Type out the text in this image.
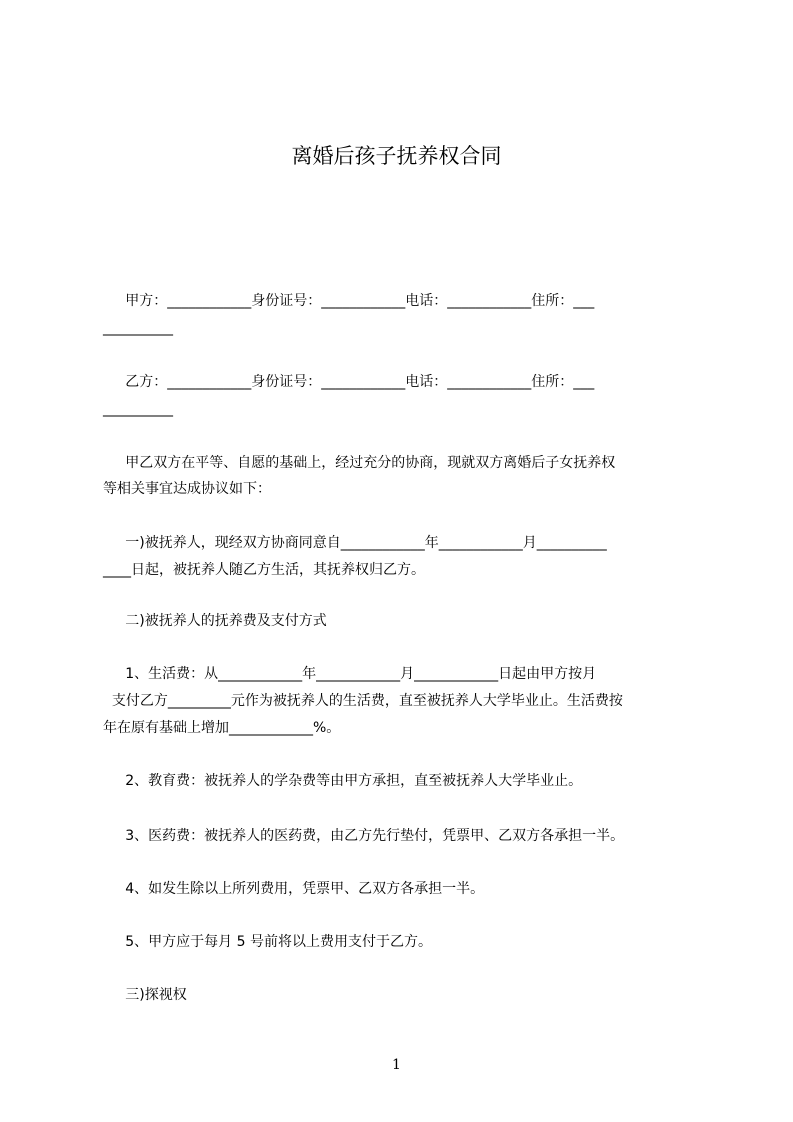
离婚后孩子抚养权合同

甲方：____________身份证号：____________电话：____________住所：___

__________

乙方：____________身份证号：____________电话：____________住所：___

__________

甲乙双方在平等、自愿的基础上，经过充分的协商，现就双方离婚后子女抚养权

等相关事宜达成协议如下：

一)被抚养人，现经双方协商同意自____________年____________月__________

____日起，被抚养人随乙方生活，其抚养权归乙方。

二)被抚养人的抚养费及支付方式

1、生活费：从____________年____________月____________日起由甲方按月

支付乙方_________元作为被抚养人的生活费，直至被抚养人大学毕业止。生活费按

年在原有基础上增加____________%。

2、教育费：被抚养人的学杂费等由甲方承担，直至被抚养人大学毕业止。

3、医药费：被抚养人的医药费，由乙方先行垫付，凭票甲、乙双方各承担一半。

4、如发生除以上所列费用，凭票甲、乙双方各承担一半。

5、甲方应于每月 5 号前将以上费用支付于乙方。

三)探视权

1
